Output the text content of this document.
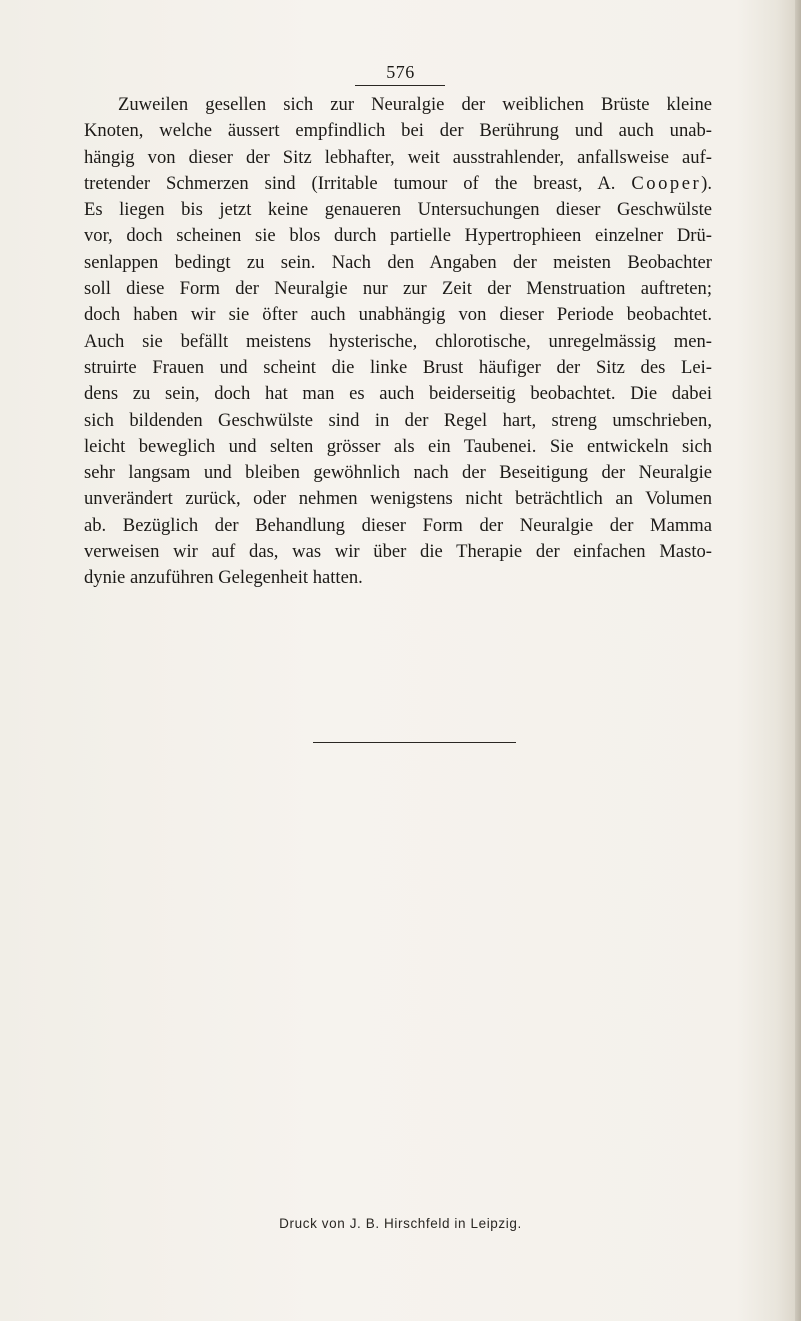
576
Zuweilen gesellen sich zur Neuralgie der weiblichen Brüste kleine
Knoten, welche äussert empfindlich bei der Berührung und auch unab-
hängig von dieser der Sitz lebhafter, weit ausstrahlender, anfallsweise auf-
tretender Schmerzen sind (Irritable tumour of the breast, A. Cooper).
Es liegen bis jetzt keine genaueren Untersuchungen dieser Geschwülste
vor, doch scheinen sie blos durch partielle Hypertrophieen einzelner Drü-
senlappen bedingt zu sein. Nach den Angaben der meisten Beobachter
soll diese Form der Neuralgie nur zur Zeit der Menstruation auftreten;
doch haben wir sie öfter auch unabhängig von dieser Periode beobachtet.
Auch sie befällt meistens hysterische, chlorotische, unregelmässig men-
struirte Frauen und scheint die linke Brust häufiger der Sitz des Lei-
dens zu sein, doch hat man es auch beiderseitig beobachtet. Die dabei
sich bildenden Geschwülste sind in der Regel hart, streng umschrieben,
leicht beweglich und selten grösser als ein Taubenei. Sie entwickeln sich
sehr langsam und bleiben gewöhnlich nach der Beseitigung der Neuralgie
unverändert zurück, oder nehmen wenigstens nicht beträchtlich an Volumen
ab. Bezüglich der Behandlung dieser Form der Neuralgie der Mamma
verweisen wir auf das, was wir über die Therapie der einfachen Masto-
dynie anzuführen Gelegenheit hatten.
Druck von J. B. Hirschfeld in Leipzig.
